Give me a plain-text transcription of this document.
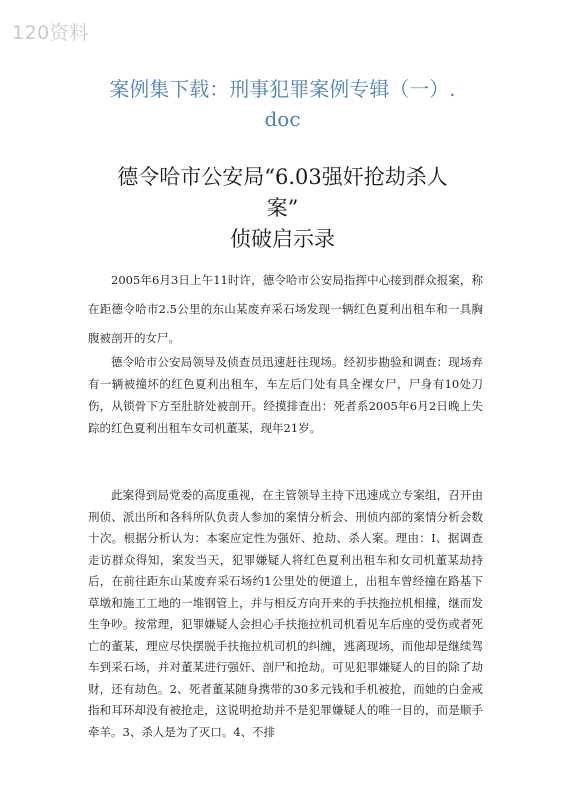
120资料
案例集下载：刑事犯罪案例专辑（一）.
doc
德令哈市公安局“6.03强奸抢劫杀人
案”
侦破启示录

2005年6月3日上午11时许，德令哈市公安局指挥中心接到群众报案，称在距德令哈市2.5公里的东山某废弃采石场发现一辆红色夏利出租车和一具胸腹被剖开的女尸。

德令哈市公安局领导及侦查员迅速赶往现场。经初步勘验和调查：现场弃有一辆被撞坏的红色夏利出租车，车左后门处有具全裸女尸，尸身有10处刀伤，从锁骨下方至肚脐处被剖开。经摸排查出：死者系2005年6月2日晚上失踪的红色夏利出租车女司机董某，现年21岁。

此案得到局党委的高度重视，在主管领导主持下迅速成立专案组，召开由刑侦、派出所和各科所队负责人参加的案情分析会、刑侦内部的案情分析会数十次。根据分析认为：本案应定性为强奸、抢劫、杀人案。理由：Ⅰ、据调查走访群众得知，案发当天，犯罪嫌疑人将红色夏利出租车和女司机董某劫持后，在前往距东山某废弃采石场约1公里处的便道上，出租车曾经撞在路基下草墩和施工工地的一堆钢管上，并与相反方向开来的手扶拖拉机相撞，继而发生争吵。按常理，犯罪嫌疑人会担心手扶拖拉机司机看见车后座的受伤或者死亡的董某，理应尽快摆脱手扶拖拉机司机的纠缠，逃离现场，而他却是继续驾车到采石场，并对董某进行强奸、剖尸和抢劫。可见犯罪嫌疑人的目的除了劫财，还有劫色。2、死者董某随身携带的30多元钱和手机被抢，而她的白金戒指和耳环却没有被抢走，这说明抢劫并不是犯罪嫌疑人的唯一目的，而是顺手牵羊。3、杀人是为了灭口。4、不排
